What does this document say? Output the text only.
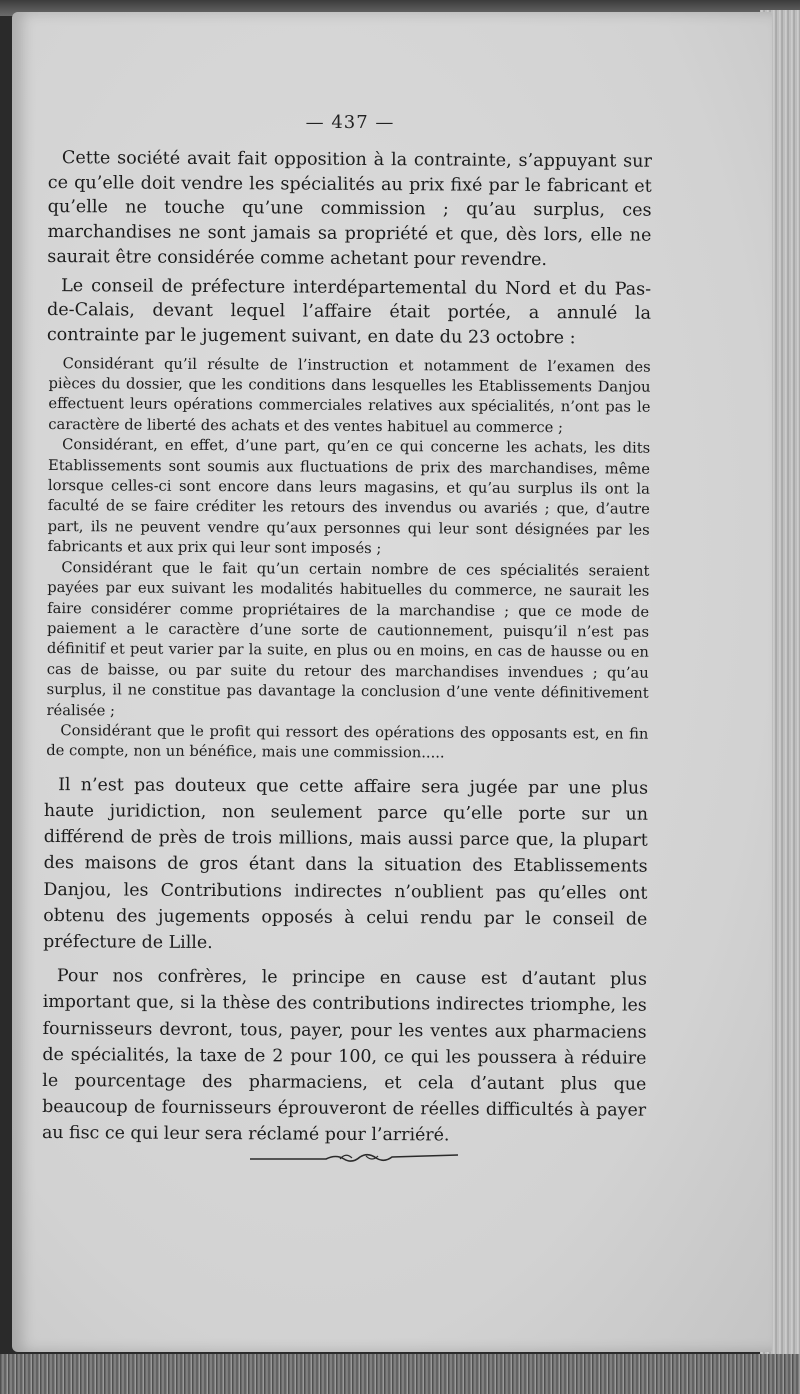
— 437 —

Cette société avait fait opposition à la contrainte, s’appuyant sur ce qu’elle doit vendre les spécialités au prix fixé par le fabricant et qu’elle ne touche qu’une commission ; qu’au surplus, ces marchandises ne sont jamais sa propriété et que, dès lors, elle ne saurait être considérée comme achetant pour revendre.

Le conseil de préfecture interdépartemental du Nord et du Pas-de-Calais, devant lequel l’affaire était portée, a annulé la contrainte par le jugement suivant, en date du 23 octobre :

Considérant qu’il résulte de l’instruction et notamment de l’examen des pièces du dossier, que les conditions dans lesquelles les Etablissements Danjou effectuent leurs opérations commerciales relatives aux spécialités, n’ont pas le caractère de liberté des achats et des ventes habituel au commerce ;

Considérant, en effet, d’une part, qu’en ce qui concerne les achats, les dits Etablissements sont soumis aux fluctuations de prix des marchandises, même lorsque celles-ci sont encore dans leurs magasins, et qu’au surplus ils ont la faculté de se faire créditer les retours des invendus ou avariés ; que, d’autre part, ils ne peuvent vendre qu’aux personnes qui leur sont désignées par les fabricants et aux prix qui leur sont imposés ;

Considérant que le fait qu’un certain nombre de ces spécialités seraient payées par eux suivant les modalités habituelles du commerce, ne saurait les faire considérer comme propriétaires de la marchandise ; que ce mode de paiement a le caractère d’une sorte de cautionnement, puisqu’il n’est pas définitif et peut varier par la suite, en plus ou en moins, en cas de hausse ou en cas de baisse, ou par suite du retour des marchandises invendues ; qu’au surplus, il ne constitue pas davantage la conclusion d’une vente définitivement réalisée ;

Considérant que le profit qui ressort des opérations des opposants est, en fin de compte, non un bénéfice, mais une commission.....

Il n’est pas douteux que cette affaire sera jugée par une plus haute juridiction, non seulement parce qu’elle porte sur un différend de près de trois millions, mais aussi parce que, la plupart des maisons de gros étant dans la situation des Etablissements Danjou, les Contributions indirectes n’oublient pas qu’elles ont obtenu des jugements opposés à celui rendu par le conseil de préfecture de Lille.

Pour nos confrères, le principe en cause est d’autant plus important que, si la thèse des contributions indirectes triomphe, les fournisseurs devront, tous, payer, pour les ventes aux pharmaciens de spécialités, la taxe de 2 pour 100, ce qui les poussera à réduire le pourcentage des pharmaciens, et cela d’autant plus que beaucoup de fournisseurs éprouveront de réelles difficultés à payer au fisc ce qui leur sera réclamé pour l’arriéré.
